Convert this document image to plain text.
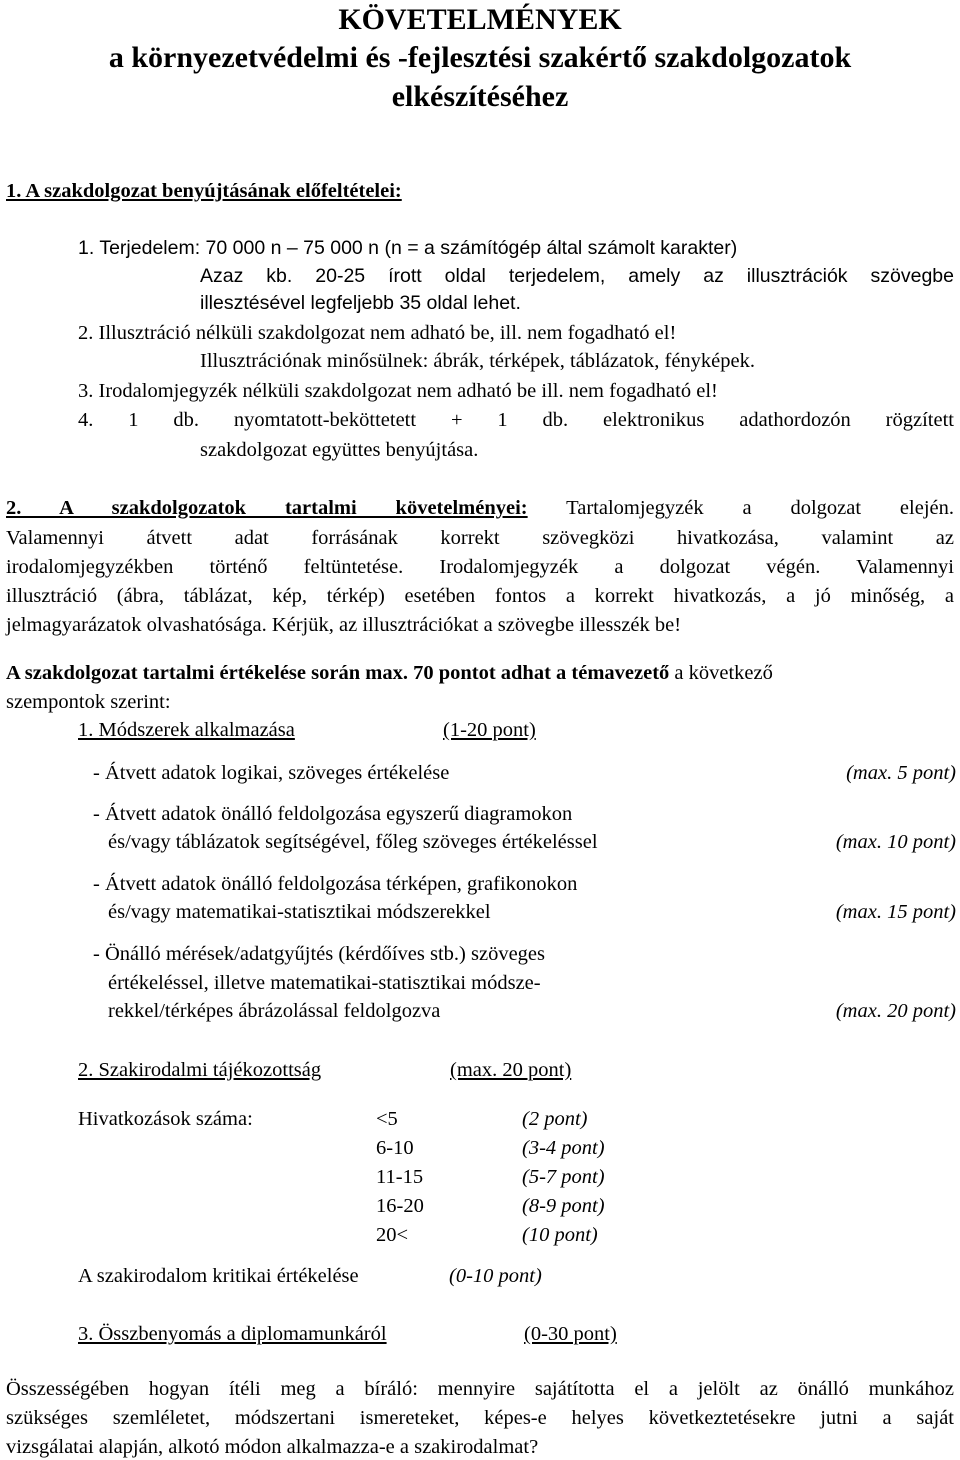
KÖVETELMÉNYEK
a környezetvédelmi és -fejlesztési szakértő szakdolgozatok
elkészítéséhez
1. A szakdolgozat benyújtásának előfeltételei:
1. Terjedelem: 70 000 n – 75 000 n (n = a számítógép által számolt karakter)
Azaz kb. 20-25 írott oldal terjedelem, amely az illusztrációk szövegbe
illesztésével legfeljebb 35 oldal lehet.
2. Illusztráció nélküli szakdolgozat nem adható be, ill. nem fogadható el!
Illusztrációnak minősülnek: ábrák, térképek, táblázatok, fényképek.
3. Irodalomjegyzék nélküli szakdolgozat nem adható be ill. nem fogadható el!
4. 1 db. nyomtatott-beköttetett + 1 db. elektronikus adathordozón rögzített
szakdolgozat együttes benyújtása.
2. A szakdolgozatok tartalmi követelményei: Tartalomjegyzék a dolgozat elején.
Valamennyi átvett adat forrásának korrekt szövegközi hivatkozása, valamint az
irodalomjegyzékben történő feltüntetése. Irodalomjegyzék a dolgozat végén. Valamennyi
illusztráció (ábra, táblázat, kép, térkép) esetében fontos a korrekt hivatkozás, a jó minőség, a
jelmagyarázatok olvashatósága. Kérjük, az illusztrációkat a szövegbe illesszék be!
A szakdolgozat tartalmi értékelése során max. 70 pontot adhat a témavezető a következő
szempontok szerint:
1. Módszerek alkalmazása	(1-20 pont)
- Átvett adatok logikai, szöveges értékelése	(max. 5 pont)
- Átvett adatok önálló feldolgozása egyszerű diagramokon
és/vagy táblázatok segítségével, főleg szöveges értékeléssel	(max. 10 pont)
- Átvett adatok önálló feldolgozása térképen, grafikonokon
és/vagy matematikai-statisztikai módszerekkel	(max. 15 pont)
- Önálló mérések/adatgyűjtés (kérdőíves stb.) szöveges
értékeléssel, illetve matematikai-statisztikai módsze-
rekkel/térképes ábrázolással feldolgozva	(max. 20 pont)
2. Szakirodalmi tájékozottság	(max. 20 pont)
Hivatkozások száma:	<5	(2 pont)
6-10	(3-4 pont)
11-15	(5-7 pont)
16-20	(8-9 pont)
20<	(10 pont)
A szakirodalom kritikai értékelése	(0-10 pont)
3. Összbenyomás a diplomamunkáról	(0-30 pont)
Összességében hogyan ítéli meg a bíráló: mennyire sajátította el a jelölt az önálló munkához
szükséges szemléletet, módszertani ismereteket, képes-e helyes következtetésekre jutni a saját
vizsgálatai alapján, alkotó módon alkalmazza-e a szakirodalmat?
